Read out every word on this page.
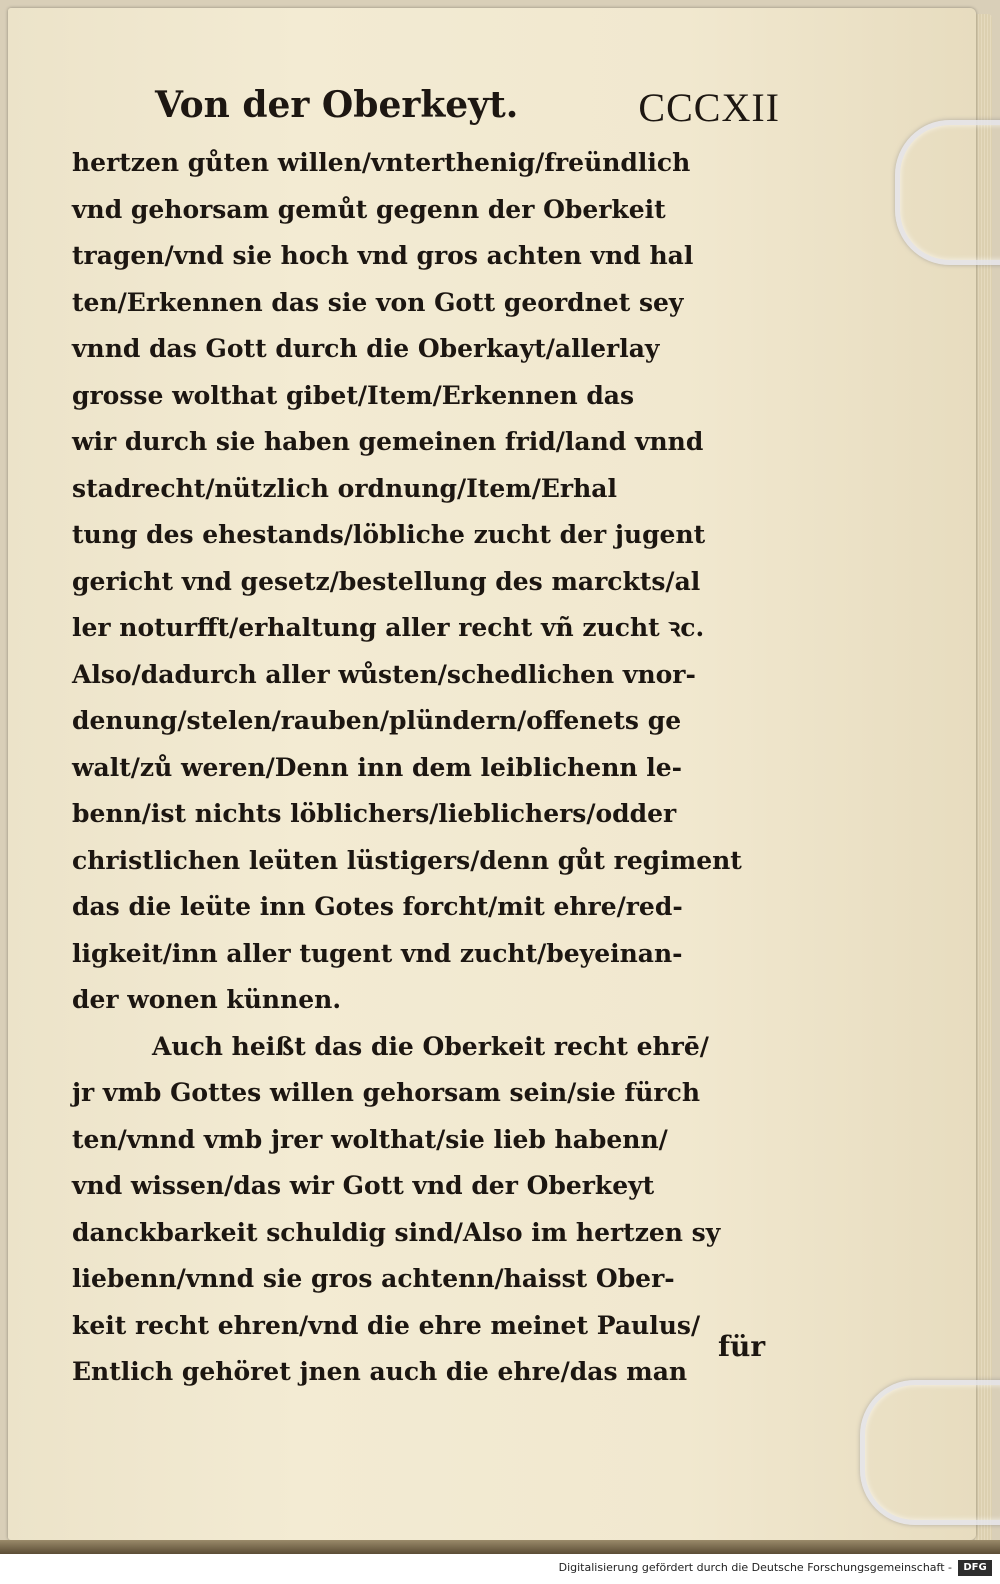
Von der Oberkeyt.	CCCXII
hertzen gůten willen/vnterthenig/freündlich
vnd gehorsam gemůt gegenn der Oberkeit
tragen/vnd sie hoch vnd gros achten vnd hal
ten/Erkennen das sie von Gott geordnet sey
vnnd das Gott durch die Oberkayt/allerlay
grosse wolthat gibet/Item/Erkennen das
wir durch sie haben gemeinen frid/land vnnd
stadrecht/nützlich ordnung/Item/Erhal
tung des ehestands/löbliche zucht der jugent
gericht vnd gesetz/bestellung des marckts/al
ler noturfft/erhaltung aller recht vñ zucht ꝛc.
Also/dadurch aller wůsten/schedlichen vnor-
denung/stelen/rauben/plündern/offenets ge
walt/zů weren/Denn inn dem leiblichenn le-
benn/ist nichts löblichers/lieblichers/odder
christlichen leüten lüstigers/denn gůt regiment
das die leüte inn Gotes forcht/mit ehre/red-
ligkeit/inn aller tugent vnd zucht/beyeinan-
der wonen künnen.
Auch heißt das die Oberkeit recht ehrē/
jr vmb Gottes willen gehorsam sein/sie fürch
ten/vnnd vmb jrer wolthat/sie lieb habenn/
vnd wissen/das wir Gott vnd der Oberkeyt
danckbarkeit schuldig sind/Also im hertzen sy
liebenn/vnnd sie gros achtenn/haisst Ober-
keit recht ehren/vnd die ehre meinet Paulus/
Entlich gehöret jnen auch die ehre/das man
für
Digitalisierung gefördert durch die Deutsche Forschungsgemeinschaft -	DFG
